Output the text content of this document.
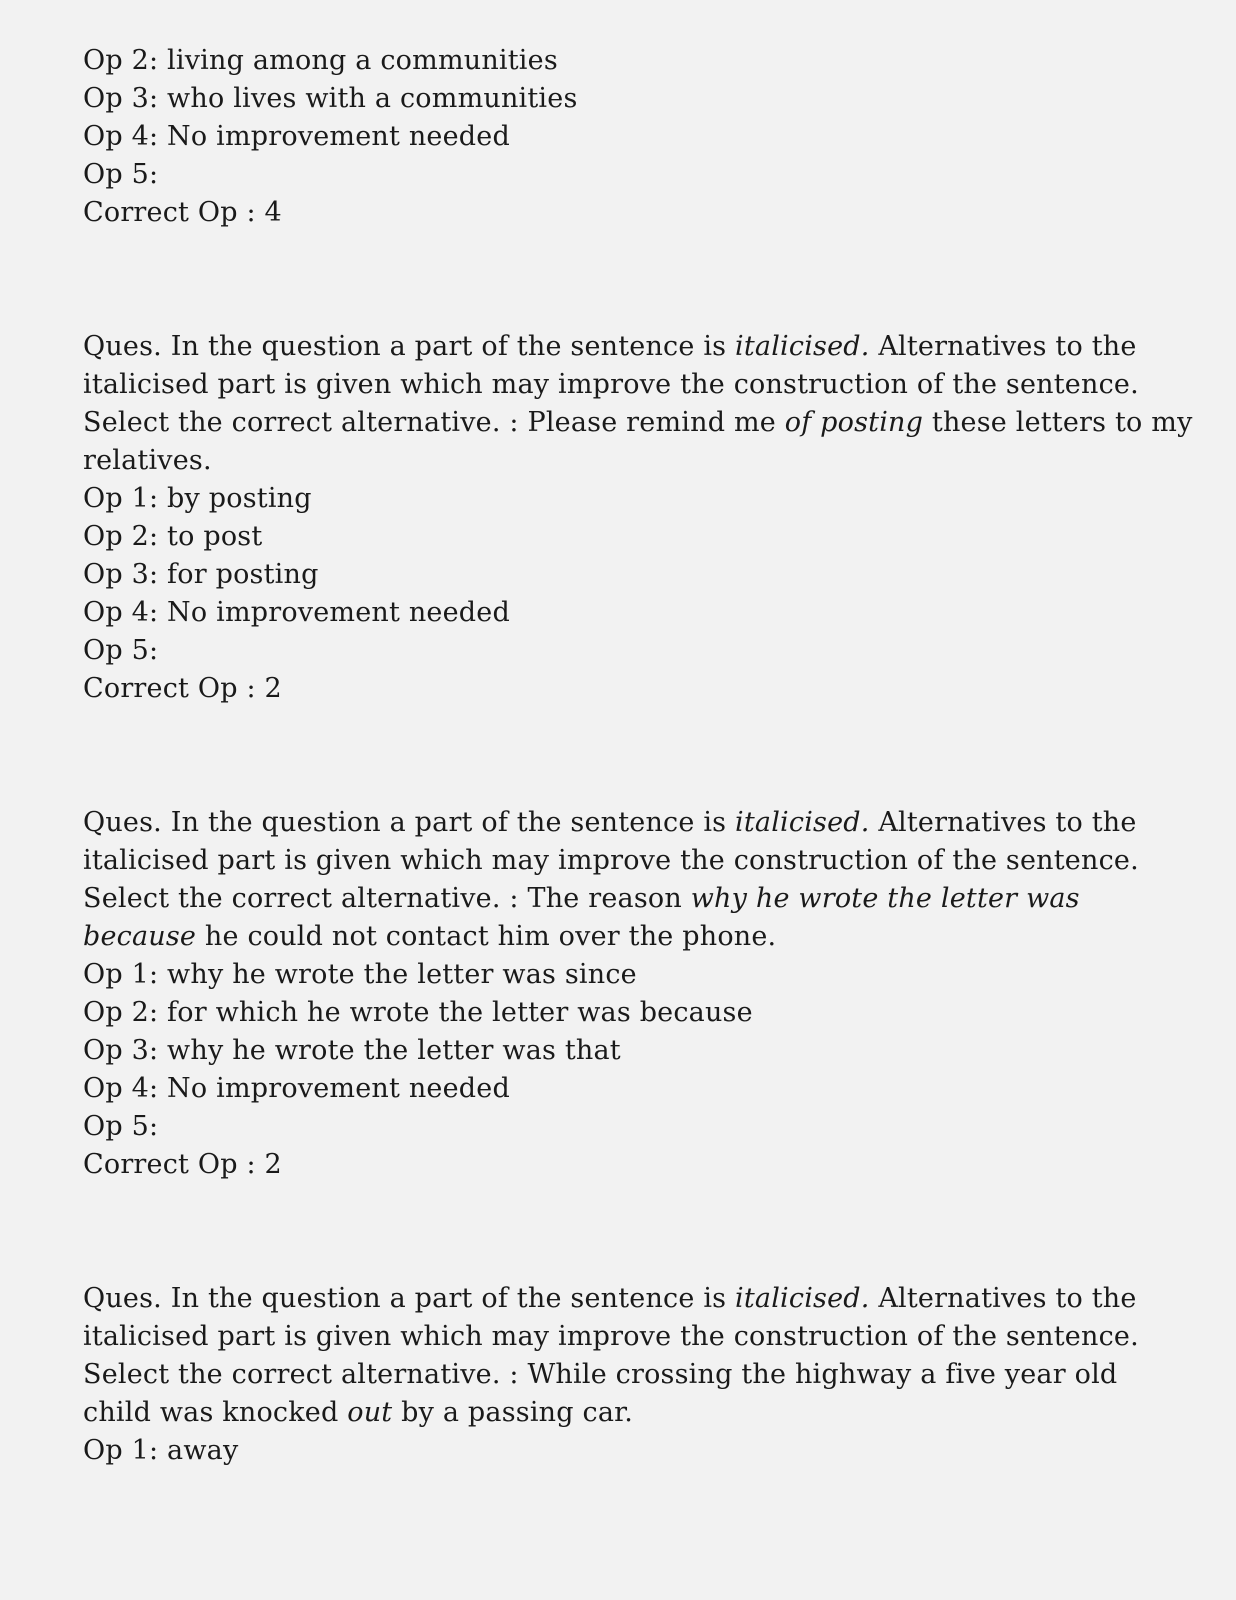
Op 2: living among a communities
Op 3: who lives with a communities
Op 4: No improvement needed
Op 5:
Correct Op : 4
Ques. In the question a part of the sentence is italicised. Alternatives to the
italicised part is given which may improve the construction of the sentence.
Select the correct alternative. : Please remind me of posting these letters to my
relatives.
Op 1: by posting
Op 2: to post
Op 3: for posting
Op 4: No improvement needed
Op 5:
Correct Op : 2
Ques. In the question a part of the sentence is italicised. Alternatives to the
italicised part is given which may improve the construction of the sentence.
Select the correct alternative. : The reason why he wrote the letter was
because he could not contact him over the phone.
Op 1: why he wrote the letter was since
Op 2: for which he wrote the letter was because
Op 3: why he wrote the letter was that
Op 4: No improvement needed
Op 5:
Correct Op : 2
Ques. In the question a part of the sentence is italicised. Alternatives to the
italicised part is given which may improve the construction of the sentence.
Select the correct alternative. : While crossing the highway a five year old
child was knocked out by a passing car.
Op 1: away
